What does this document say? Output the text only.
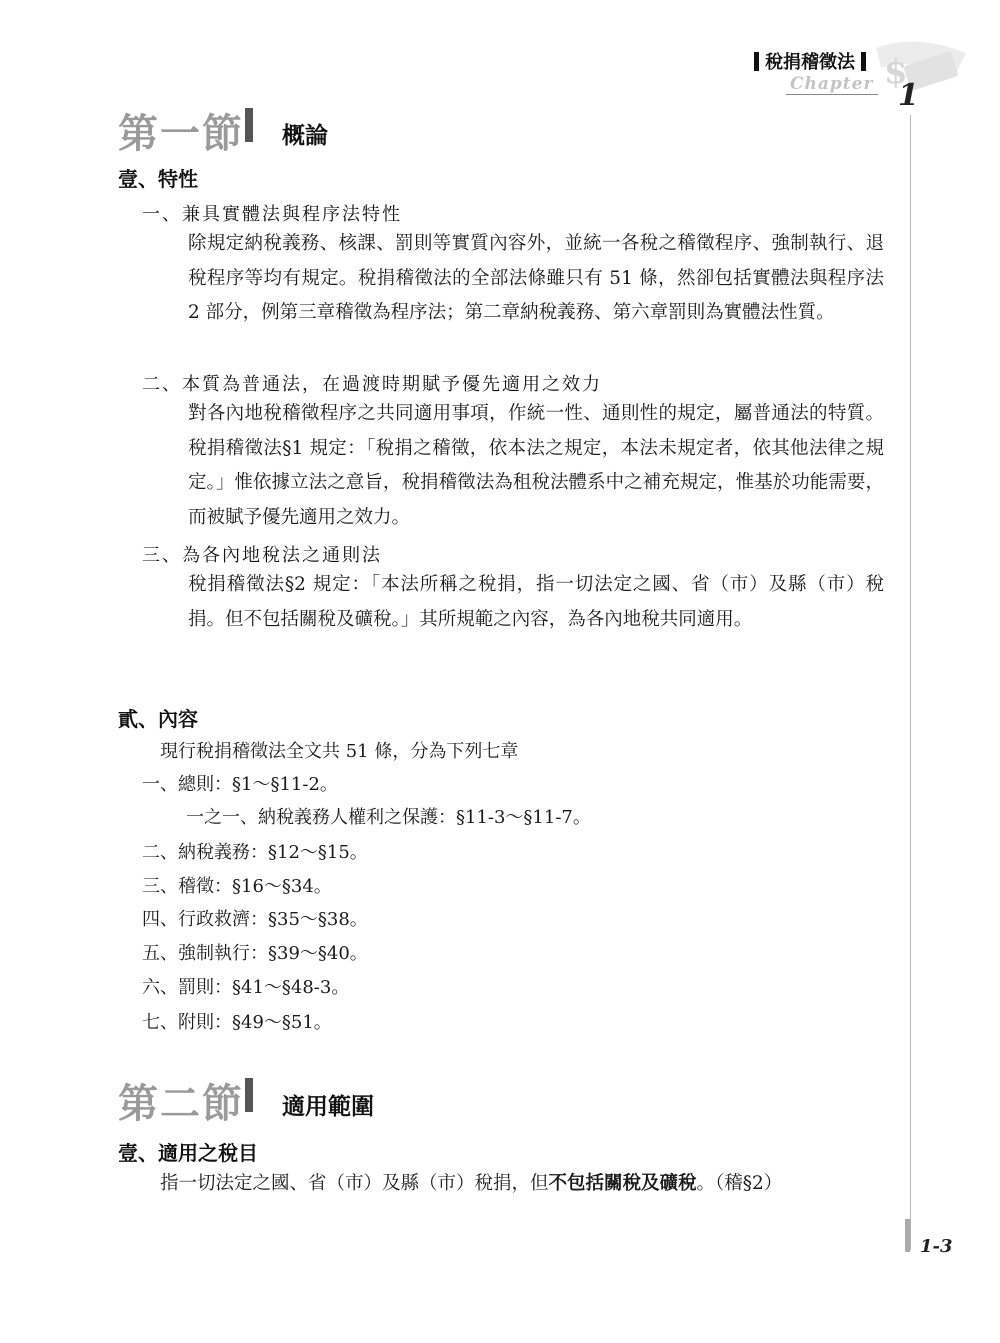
$
稅捐稽徵法
Chapter 1
第一節 概論
壹、特性
一、兼具實體法與程序法特性
除規定納稅義務、核課、罰則等實質內容外，並統一各稅之稽徵程序、強制執行、退稅程序等均有規定。稅捐稽徵法的全部法條雖只有 51 條，然卻包括實體法與程序法 2 部分，例第三章稽徵為程序法；第二章納稅義務、第六章罰則為實體法性質。
二、本質為普通法，在過渡時期賦予優先適用之效力
對各內地稅稽徵程序之共同適用事項，作統一性、通則性的規定，屬普通法的特質。稅捐稽徵法§1 規定：「稅捐之稽徵，依本法之規定，本法未規定者，依其他法律之規定。」惟依據立法之意旨，稅捐稽徵法為租稅法體系中之補充規定，惟基於功能需要，而被賦予優先適用之效力。
三、為各內地稅法之通則法
稅捐稽徵法§2 規定：「本法所稱之稅捐，指一切法定之國、省（市）及縣（市）稅捐。但不包括關稅及礦稅。」其所規範之內容，為各內地稅共同適用。
貳、內容
現行稅捐稽徵法全文共 51 條，分為下列七章
一、總則：§1～§11-2。
一之一、納稅義務人權利之保護：§11-3～§11-7。
二、納稅義務：§12～§15。
三、稽徵：§16～§34。
四、行政救濟：§35～§38。
五、強制執行：§39～§40。
六、罰則：§41～§48-3。
七、附則：§49～§51。
第二節 適用範圍
壹、適用之稅目
指一切法定之國、省（市）及縣（市）稅捐，但不包括關稅及礦稅。（稽§2）
1-3
